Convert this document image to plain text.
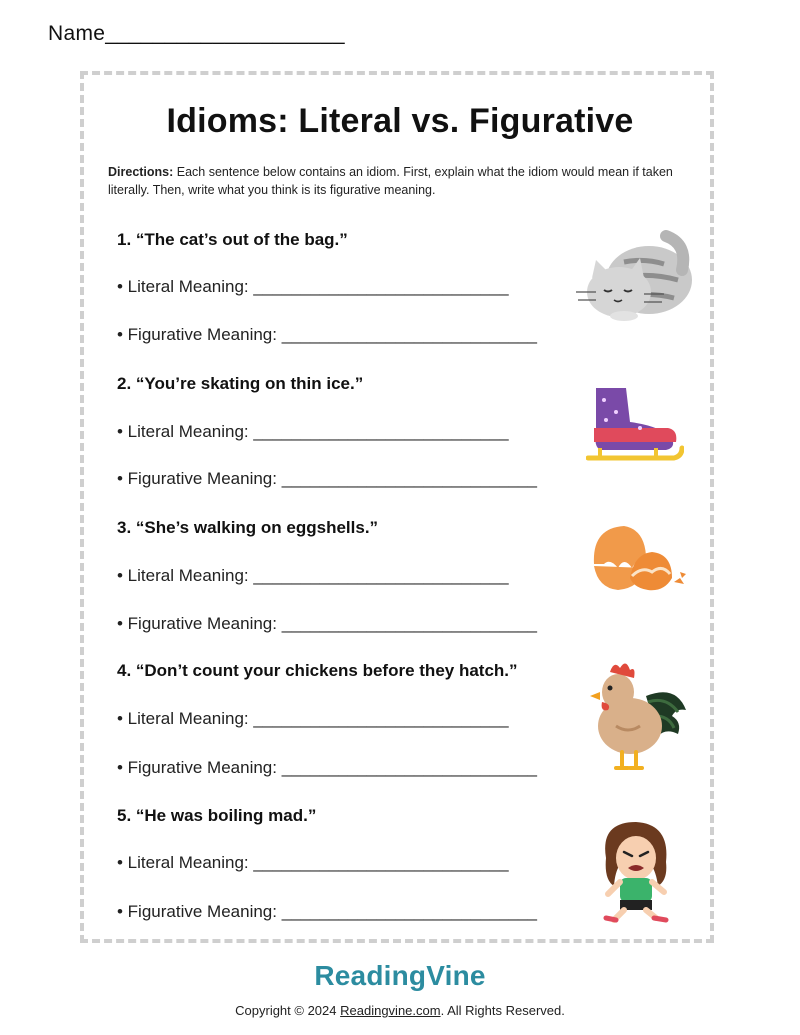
Name____________________
Idioms: Literal vs. Figurative
Directions: Each sentence below contains an idiom. First, explain what the idiom would mean if taken literally. Then, write what you think is its figurative meaning.
1. “The cat’s out of the bag.”
• Literal Meaning: ___________________________
• Figurative Meaning: ___________________________
2. “You’re skating on thin ice.”
• Literal Meaning: ___________________________
• Figurative Meaning: ___________________________
3. “She’s walking on eggshells.”
• Literal Meaning: ___________________________
• Figurative Meaning: ___________________________
4. “Don’t count your chickens before they hatch.”
• Literal Meaning: ___________________________
• Figurative Meaning: ___________________________
5. “He was boiling mad.”
• Literal Meaning: ___________________________
• Figurative Meaning: ___________________________
ReadingVine
Copyright © 2024 Readingvine.com. All Rights Reserved.
